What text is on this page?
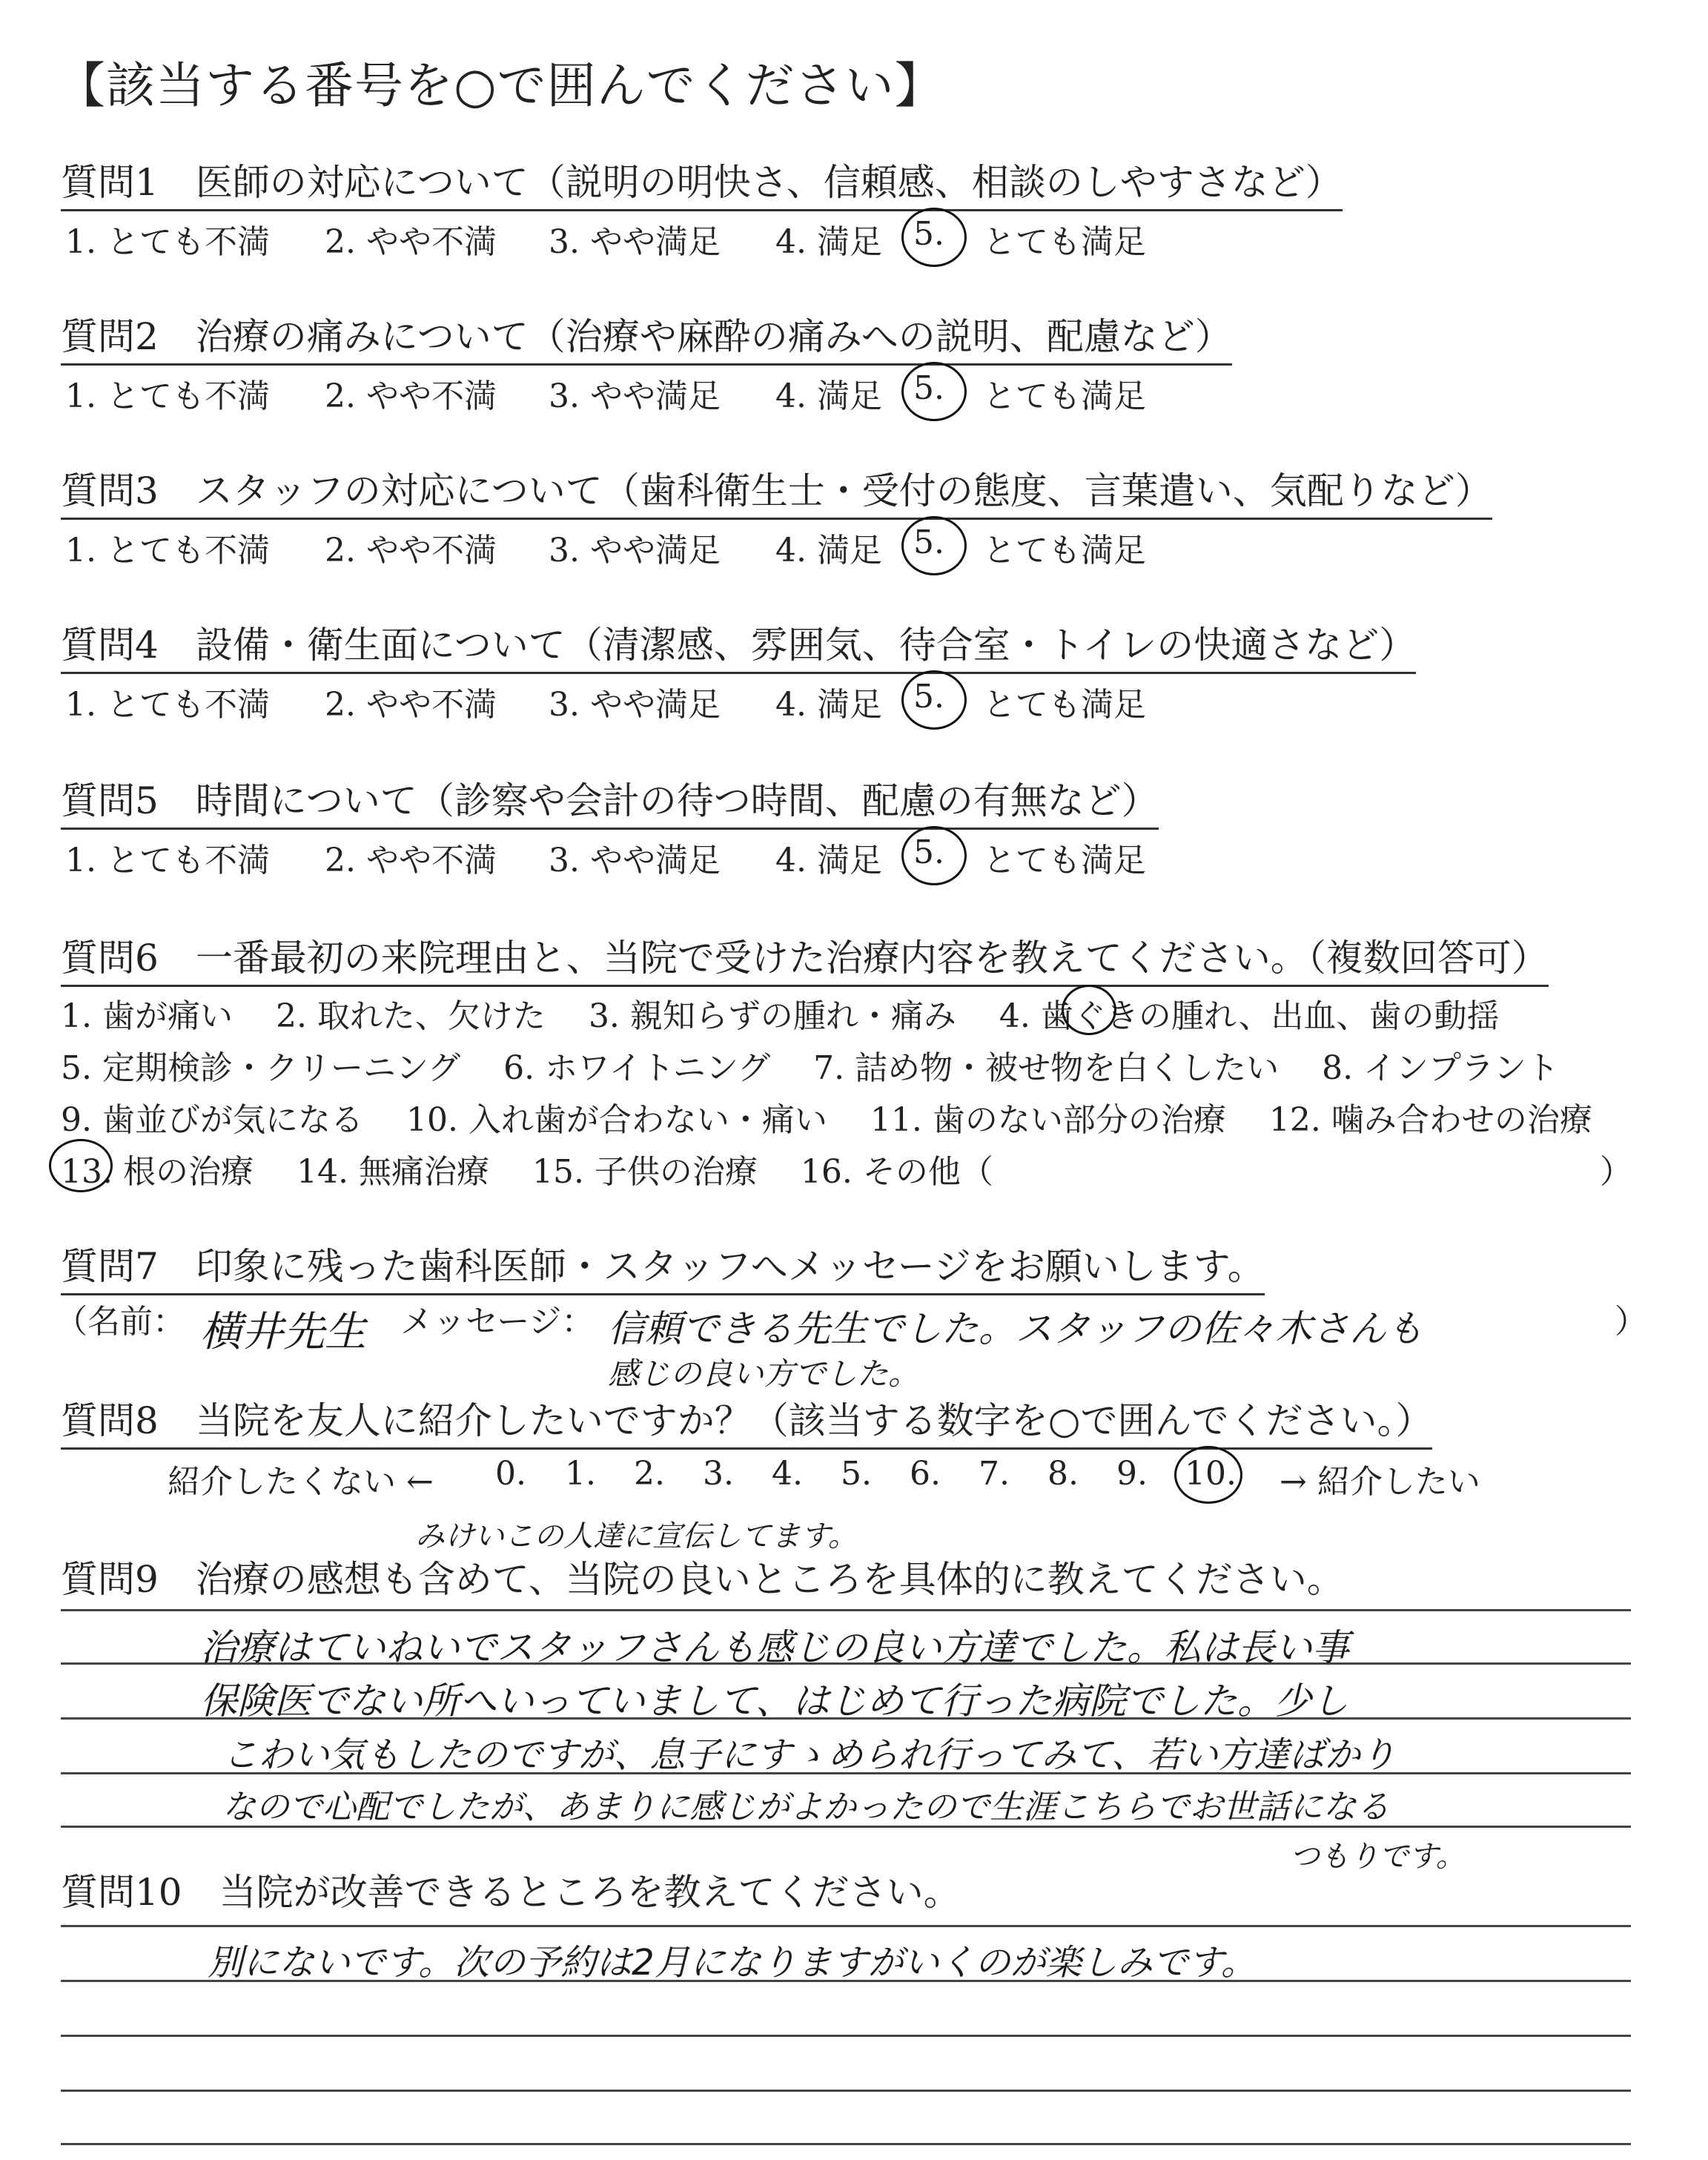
【該当する番号を○で囲んでください】
質問1　 医師の対応について（説明の明快さ、信頼感、相談のしやすさなど）
1. とても不満 2. やや不満 3. やや満足 4. 満足 5. とても満足
質問2　 治療の痛みについて（治療や麻酔の痛みへの説明、配慮など）
1. とても不満 2. やや不満 3. やや満足 4. 満足 5. とても満足
質問3　 スタッフの対応について（歯科衛生士・受付の態度、言葉遣い、気配りなど）
1. とても不満 2. やや不満 3. やや満足 4. 満足 5. とても満足
質問4　 設備・衛生面について（清潔感、雰囲気、待合室・トイレの快適さなど）
1. とても不満 2. やや不満 3. やや満足 4. 満足 5. とても満足
質問5　 時間について（診察や会計の待つ時間、配慮の有無など）
1. とても不満 2. やや不満 3. やや満足 4. 満足 5. とても満足
質問6　 一番最初の来院理由と、当院で受けた治療内容を教えてください。（複数回答可）
1. 歯が痛い　 2. 取れた、欠けた　 3. 親知らずの腫れ・痛み　 4. 歯ぐきの腫れ、出血、歯の動揺
5. 定期検診・クリーニング　 6. ホワイトニング　 7. 詰め物・被せ物を白くしたい　 8. インプラント
9. 歯並びが気になる　 10. 入れ歯が合わない・痛い　 11. 歯のない部分の治療　 12. 噛み合わせの治療
13. 根の治療　 14. 無痛治療　 15. 子供の治療　 16. その他（	）
質問7　 印象に残った歯科医師・スタッフへメッセージをお願いします。
（名前： 横井先生 メッセージ： 信頼できる先生でした。スタッフの佐々木さんも
感じの良い方でした。
）
質問8　 当院を友人に紹介したいですか？（該当する数字を○で囲んでください。）
紹介したくない ← 0. 1. 2. 3. 4. 5. 6. 7. 8. 9. 10. → 紹介したい
みけいこの人達に宣伝してます。
質問9　 治療の感想も含めて、当院の良いところを具体的に教えてください。
治療はていねいでスタッフさんも感じの良い方達でした。私は長い事
保険医でない所へいっていまして、はじめて行った病院でした。少し
こわい気もしたのですが、息子にすゝめられ行ってみて、若い方達ばかり
なので心配でしたが、あまりに感じがよかったので生涯こちらでお世話になる
つもりです。
質問10　 当院が改善できるところを教えてください。
別にないです。次の予約は2月になりますがいくのが楽しみです。
